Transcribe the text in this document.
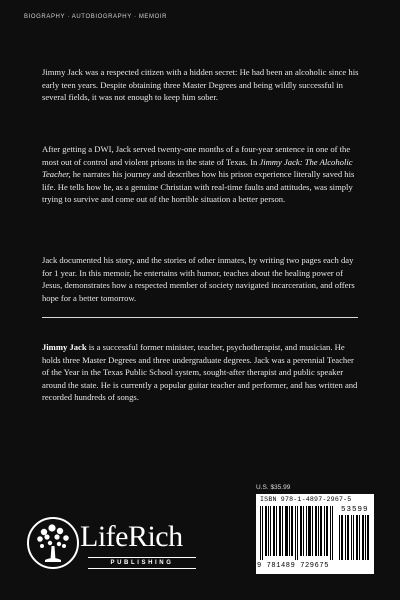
BIOGRAPHY · AUTOBIOGRAPHY · MEMOIR

Jimmy Jack was a respected citizen with a hidden secret: He had been an alcoholic since his early teen years. Despite obtaining three Master Degrees and being wildly successful in several fields, it was not enough to keep him sober.

After getting a DWI, Jack served twenty-one months of a four-year sentence in one of the most out of control and violent prisons in the state of Texas. In Jimmy Jack: The Alcoholic Teacher, he narrates his journey and describes how his prison experience literally saved his life. He tells how he, as a genuine Christian with real-time faults and attitudes, was simply trying to survive and come out of the horrible situation a better person.

Jack documented his story, and the stories of other inmates, by writing two pages each day for 1 year. In this memoir, he entertains with humor, teaches about the healing power of Jesus, demonstrates how a respected member of society navigated incarceration, and offers hope for a better tomorrow.

Jimmy Jack is a successful former minister, teacher, psychotherapist, and musician. He holds three Master Degrees and three undergraduate degrees. Jack was a perennial Teacher of the Year in the Texas Public School system, sought-after therapist and public speaker around the state. He is currently a popular guitar teacher and performer, and has written and recorded hundreds of songs.

LifeRich
PUBLISHING
U.S. $35.99
ISBN 978-1-4897-2967-5
53599
9 781489 729675
